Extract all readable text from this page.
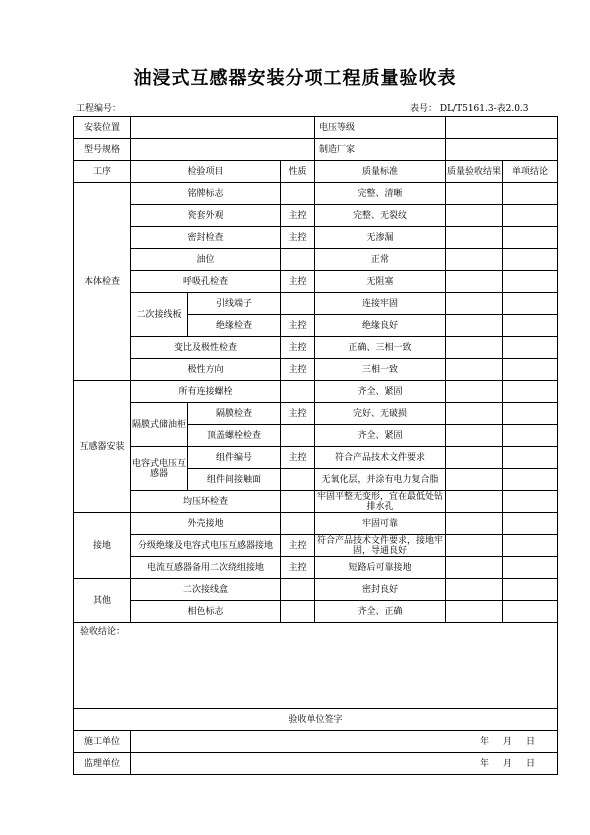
油浸式互感器安装分项工程质量验收表
工程编号：	表号： DL/T5161.3-表2.0.3
安装位置				电压等级		
型号规格				制造厂家		
工序	检验项目		性质	质量标准	质量验收结果	单项结论
本体检查	铭牌标志			完整、清晰		
	瓷套外观		主控	完整、无裂纹		
	密封检查		主控	无渗漏		
	油位			正常		
	呼吸孔检查		主控	无阻塞		
	二次接线板	引线端子		连接牢固		
		绝缘检查	主控	绝缘良好		
	变比及极性检查		主控	正确、三相一致		
	极性方向		主控	三相一致		
互感器安装	所有连接螺栓			齐全、紧固		
	隔膜式储油柜	隔膜检查	主控	完好、无破损		
		顶盖螺栓检查		齐全、紧固		
	电容式电压互感器	组件编号	主控	符合产品技术文件要求		
		组件间接触面		无氧化层，并涂有电力复合脂		
	均压环检查			牢固平整无变形，宜在最低处钻排水孔		
接地	外壳接地			牢固可靠		
	分级绝缘及电容式电压互感器接地		主控	符合产品技术文件要求，接地牢固，导通良好		
	电流互感器备用二次绕组接地		主控	短路后可靠接地		
其他	二次接线盒			密封良好		
	相色标志			齐全、正确		
验收结论：						
验收单位签字						
施工单位	年 月 日					
监理单位	年 月 日					
